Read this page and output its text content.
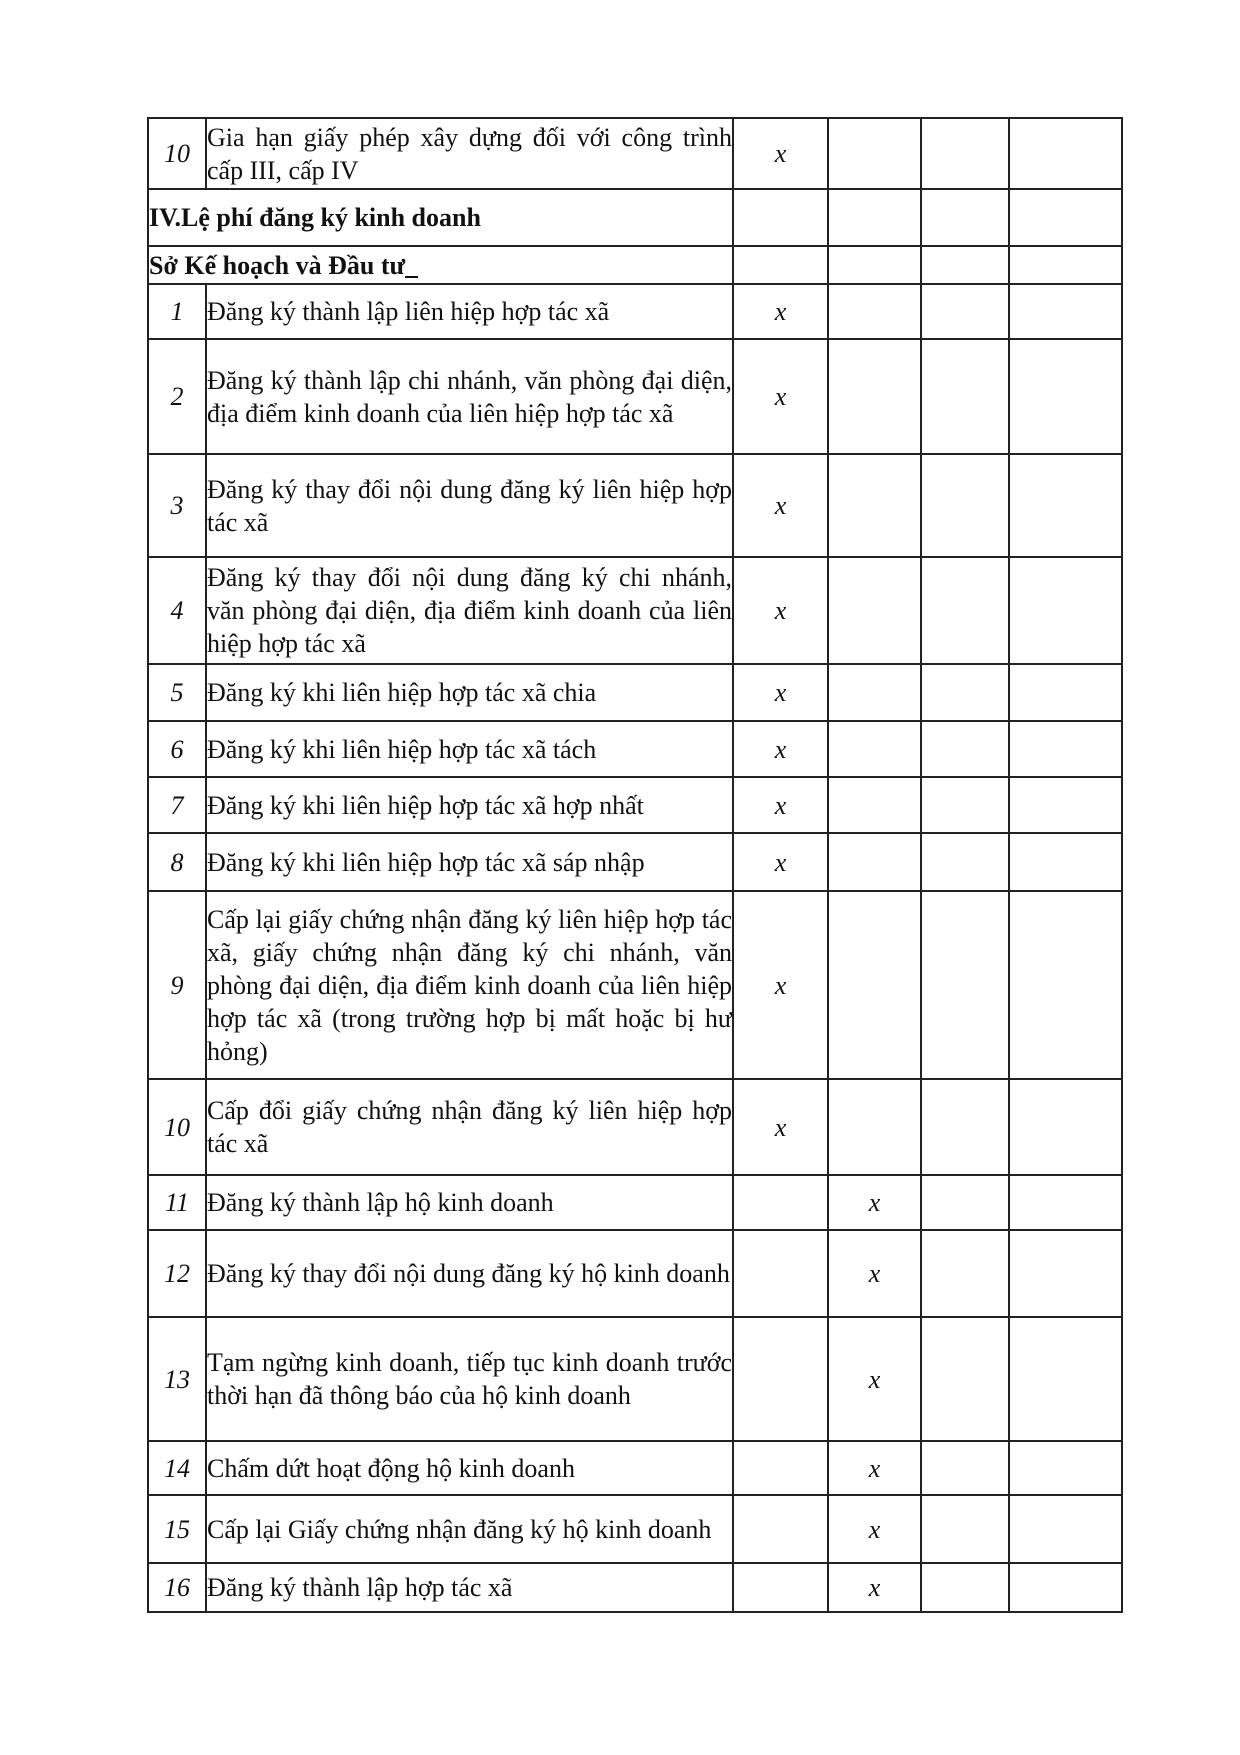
10	Gia hạn giấy phép xây dựng đối với công trình cấp III, cấp IV	x			
IV.Lệ phí đăng ký kinh doanh					
Sở Kế hoạch và Đầu tư					
1	Đăng ký thành lập liên hiệp hợp tác xã	x			
2	Đăng ký thành lập chi nhánh, văn phòng đại diện, địa điểm kinh doanh của liên hiệp hợp tác xã	x			
3	Đăng ký thay đổi nội dung đăng ký liên hiệp hợp tác xã	x			
4	Đăng ký thay đổi nội dung đăng ký chi nhánh, văn phòng đại diện, địa điểm kinh doanh của liên hiệp hợp tác xã	x			
5	Đăng ký khi liên hiệp hợp tác xã chia	x			
6	Đăng ký khi liên hiệp hợp tác xã tách	x			
7	Đăng ký khi liên hiệp hợp tác xã hợp nhất	x			
8	Đăng ký khi liên hiệp hợp tác xã sáp nhập	x			
9	Cấp lại giấy chứng nhận đăng ký liên hiệp hợp tác xã, giấy chứng nhận đăng ký chi nhánh, văn phòng đại diện, địa điểm kinh doanh của liên hiệp hợp tác xã (trong trường hợp bị mất hoặc bị hư hỏng)	x			
10	Cấp đổi giấy chứng nhận đăng ký liên hiệp hợp tác xã	x			
11	Đăng ký thành lập hộ kinh doanh		x		
12	Đăng ký thay đổi nội dung đăng ký hộ kinh doanh		x		
13	Tạm ngừng kinh doanh, tiếp tục kinh doanh trước thời hạn đã thông báo của hộ kinh doanh		x		
14	Chấm dứt hoạt động hộ kinh doanh		x		
15	Cấp lại Giấy chứng nhận đăng ký hộ kinh doanh		x		
16	Đăng ký thành lập hợp tác xã		x		
